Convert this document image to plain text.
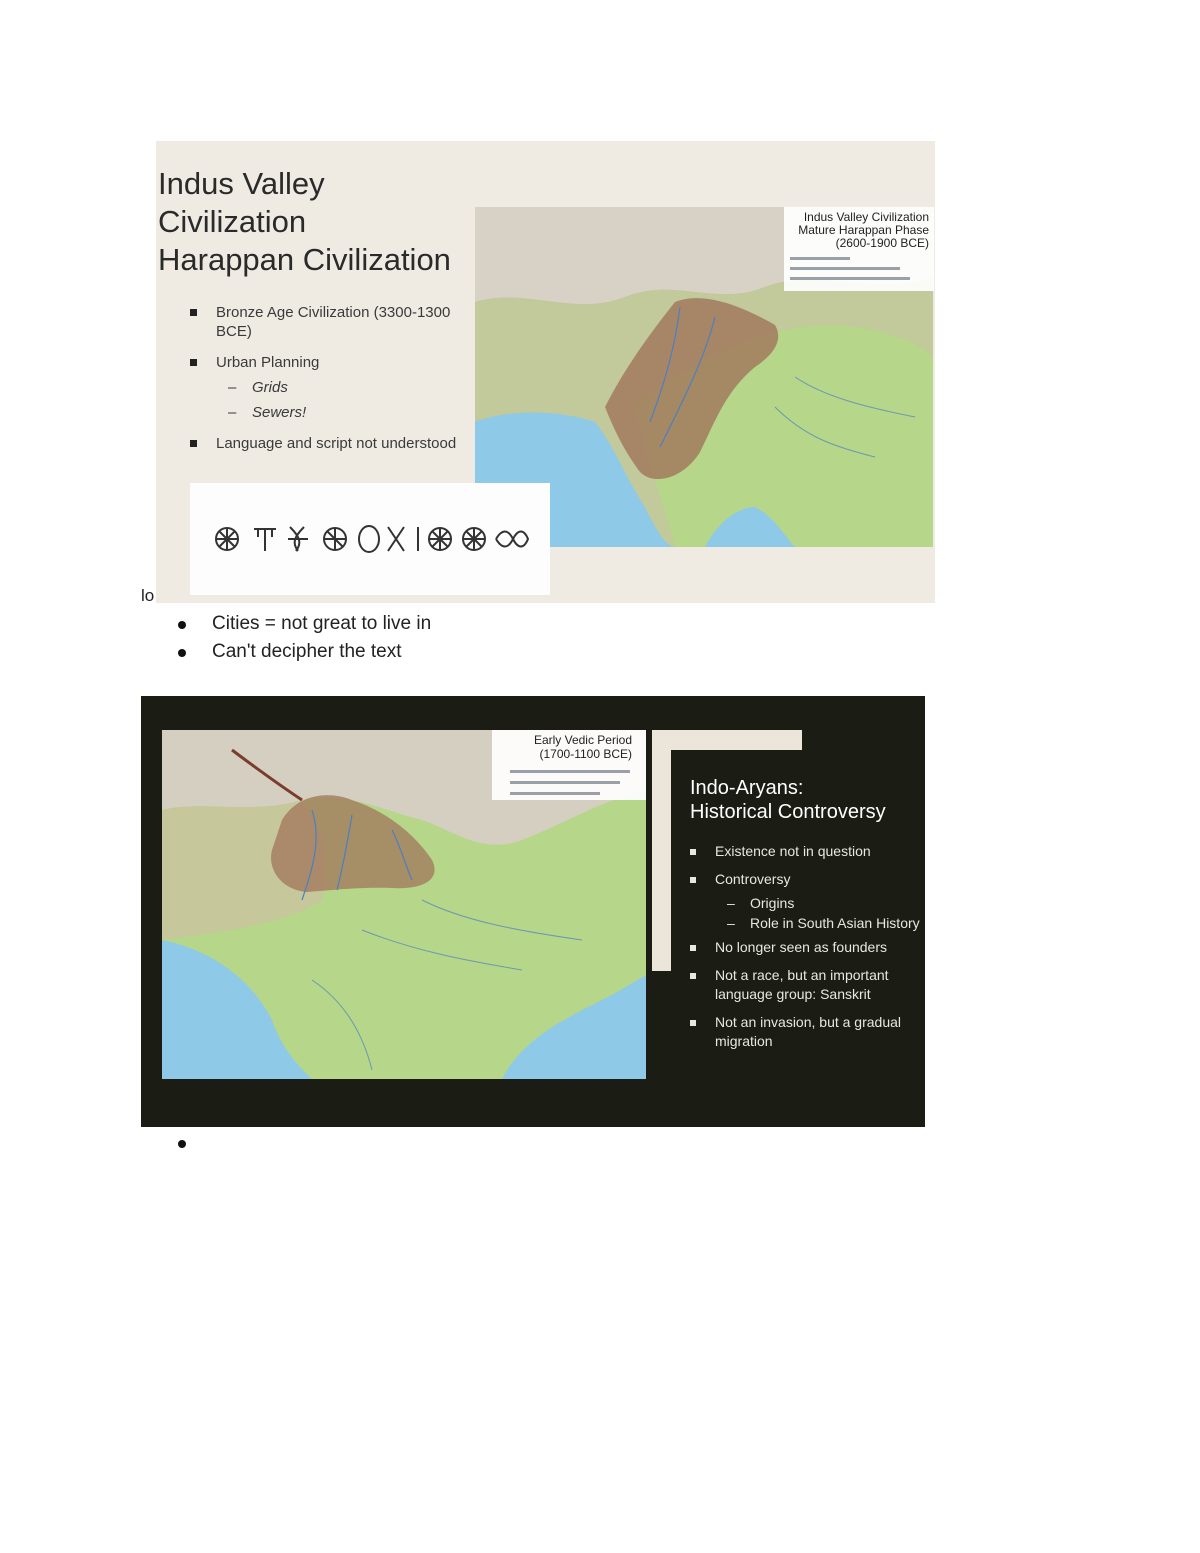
Indus Valley
Civilization
Harappan Civilization
Bronze Age Civilization (3300-1300 BCE)
Urban Planning
– Grids
– Sewers!
Language and script not understood
Indus Valley Civilization
Mature Harappan Phase
(2600-1900 BCE)
lo
Cities = not great to live in
Can't decipher the text
Early Vedic Period
(1700-1100 BCE)
Indo-Aryans:
Historical Controversy
Existence not in question
Controversy
– Origins
– Role in South Asian History
No longer seen as founders
Not a race, but an important language group: Sanskrit
Not an invasion, but a gradual migration
